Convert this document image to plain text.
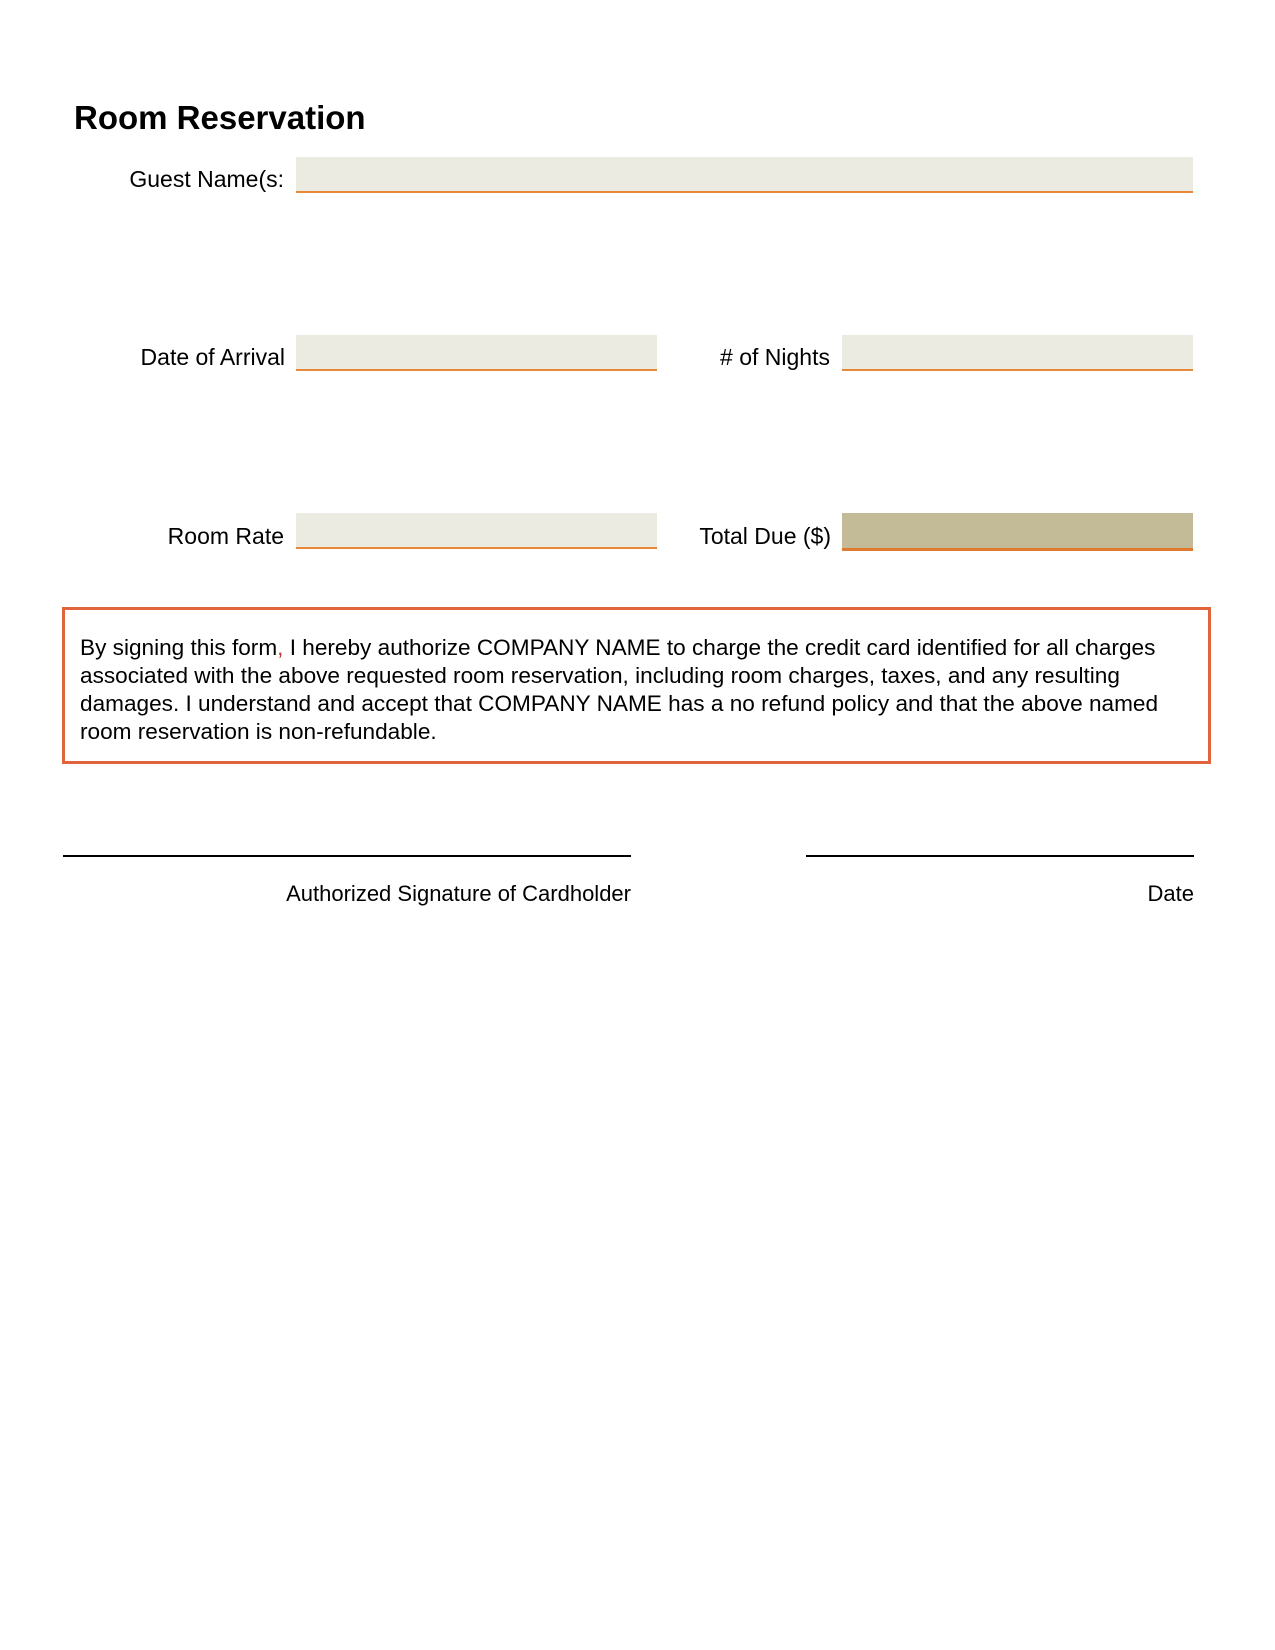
Room Reservation
Guest Name(s:
Date of Arrival	# of Nights
Room Rate	Total Due ($)
By signing this form, I hereby authorize COMPANY NAME to charge the credit card identified for all charges associated with the above requested room reservation, including room charges, taxes, and any resulting damages. I understand and accept that COMPANY NAME has a no refund policy and that the above named room reservation is non-refundable.
Authorized Signature of Cardholder	Date
